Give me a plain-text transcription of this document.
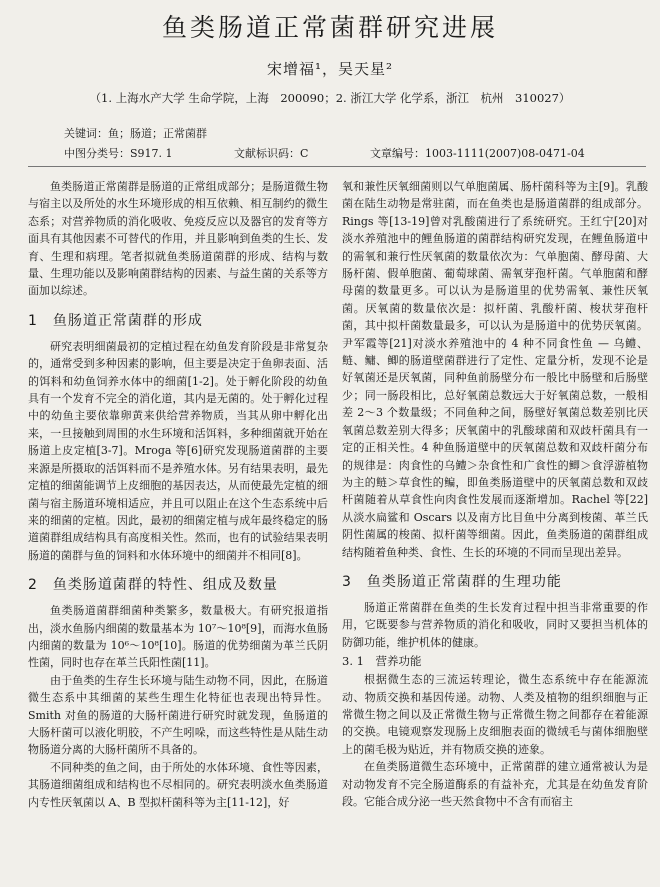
鱼类肠道正常菌群研究进展
宋增福¹，吴天星²
（1. 上海水产大学 生命学院，上海　200090；2. 浙江大学 化学系，浙江　杭州　310027）
关键词：鱼；肠道；正常菌群
中图分类号：S917. 1	文献标识码：C	文章编号：1003-1111(2007)08-0471-04

鱼类肠道正常菌群是肠道的正常组成部分；是肠道微生物与宿主以及所处的水生环境形成的相互依赖、相互制约的微生态系；对营养物质的消化吸收、免疫反应以及器官的发育等方面具有其他因素不可替代的作用，并且影响到鱼类的生长、发育、生理和病理。笔者拟就鱼类肠道菌群的形成、结构与数量、生理功能以及影响菌群结构的因素、与益生菌的关系等方面加以综述。

1　鱼肠道正常菌群的形成

研究表明细菌最初的定植过程在幼鱼发育阶段是非常复杂的，通常受到多种因素的影响，但主要是决定于鱼卵表面、活的饵料和幼鱼饲养水体中的细菌[1-2]。处于孵化阶段的幼鱼具有一个发育不完全的消化道，其内是无菌的。处于孵化过程中的幼鱼主要依靠卵黄来供给营养物质，当其从卵中孵化出来，一旦接触到周围的水生环境和活饵料，多种细菌就开始在肠道上皮定植[3-7]。Mroga 等[6]研究发现肠道菌群的主要来源是所摄取的活饵料而不是养殖水体。另有结果表明，最先定植的细菌能调节上皮细胞的基因表达，从而使最先定植的细菌与宿主肠道环境相适应，并且可以阻止在这个生态系统中后来的细菌的定植。因此，最初的细菌定植与成年最终稳定的肠道菌群组成结构具有高度相关性。然而，也有的试验结果表明肠道的菌群与鱼的饲料和水体环境中的细菌并不相同[8]。

2　鱼类肠道菌群的特性、组成及数量

鱼类肠道菌群细菌种类繁多，数量极大。有研究报道指出，淡水鱼肠内细菌的数量基本为 10⁷～10⁸[9]，而海水鱼肠内细菌的数量为 10⁶～10⁸[10]。肠道的优势细菌为革兰氏阴性菌，同时也存在革兰氏阳性菌[11]。

由于鱼类的生存生长环境与陆生动物不同，因此，在肠道微生态系中其细菌的某些生理生化特征也表现出特异性。Smith 对鱼的肠道的大肠杆菌进行研究时就发现，鱼肠道的大肠杆菌可以液化明胶，不产生吲哚，而这些特性是从陆生动物肠道分离的大肠杆菌所不具备的。

不同种类的鱼之间，由于所处的水体环境、食性等因素，其肠道细菌组成和结构也不尽相同的。研究表明淡水鱼类肠道内专性厌氧菌以 A、B 型拟杆菌科等为主[11-12]，好

氧和兼性厌氧细菌则以气单胞菌属、肠杆菌科等为主[9]。乳酸菌在陆生动物是常驻菌，而在鱼类也是肠道菌群的组成部分。Rings 等[13-19]曾对乳酸菌进行了系统研究。王红宁[20]对淡水养殖池中的鲤鱼肠道的菌群结构研究发现，在鲤鱼肠道中的需氧和兼行性厌氧菌的数量依次为：气单胞菌、酵母菌、大肠杆菌、假单胞菌、葡萄球菌、需氧芽孢杆菌。气单胞菌和酵母菌的数量更多。可以认为是肠道里的优势需氧、兼性厌氧菌。厌氧菌的数量依次是：拟杆菌、乳酸杆菌、梭状芽孢杆菌，其中拟杆菌数量最多，可以认为是肠道中的优势厌氧菌。尹军霞等[21]对淡水养殖池中的 4 种不同食性鱼 — 乌鳢、鲢、鳙、鲫的肠道壁菌群进行了定性、定量分析，发现不论是好氧菌还是厌氧菌，同种鱼前肠壁分布一般比中肠壁和后肠壁少；同一肠段相比，总好氧菌总数远大于好氧菌总数，一般相差 2～3 个数量级；不同鱼种之间，肠壁好氧菌总数差别比厌氧菌总数差别大得多；厌氧菌中的乳酸球菌和双歧杆菌具有一定的正相关性。4 种鱼肠道壁中的厌氧菌总数和双歧杆菌分布的规律是：肉食性的乌鳢＞杂食性和广食性的鲫＞食浮游植物为主的鲢＞草食性的鳊，即鱼类肠道壁中的厌氧菌总数和双歧杆菌随着从草食性向肉食性发展而逐渐增加。Rachel 等[22]从淡水扁鲨和 Oscars 以及南方比目鱼中分离到梭菌、革兰氏阴性菌属的梭菌、拟杆菌等细菌。因此，鱼类肠道的菌群组成结构随着鱼种类、食性、生长的环境的不同而呈现出差异。

3　鱼类肠道正常菌群的生理功能

肠道正常菌群在鱼类的生长发育过程中担当非常重要的作用，它既要参与营养物质的消化和吸收，同时又要担当机体的防御功能，维护机体的健康。

3. 1　营养功能

根据微生态的三流运转理论，微生态系统中存在能源流动、物质交换和基因传递。动物、人类及植物的组织细胞与正常微生物之间以及正常微生物与正常微生物之间都存在着能源的交换。电镜观察发现肠上皮细胞表面的微绒毛与菌体细胞壁上的菌毛极为贴近，并有物质交换的迹象。

在鱼类肠道微生态环境中，正常菌群的建立通常被认为是对动物发育不完全肠道酶系的有益补充，尤其是在幼鱼发育阶段。它能合成分泌一些天然食物中不含有而宿主
